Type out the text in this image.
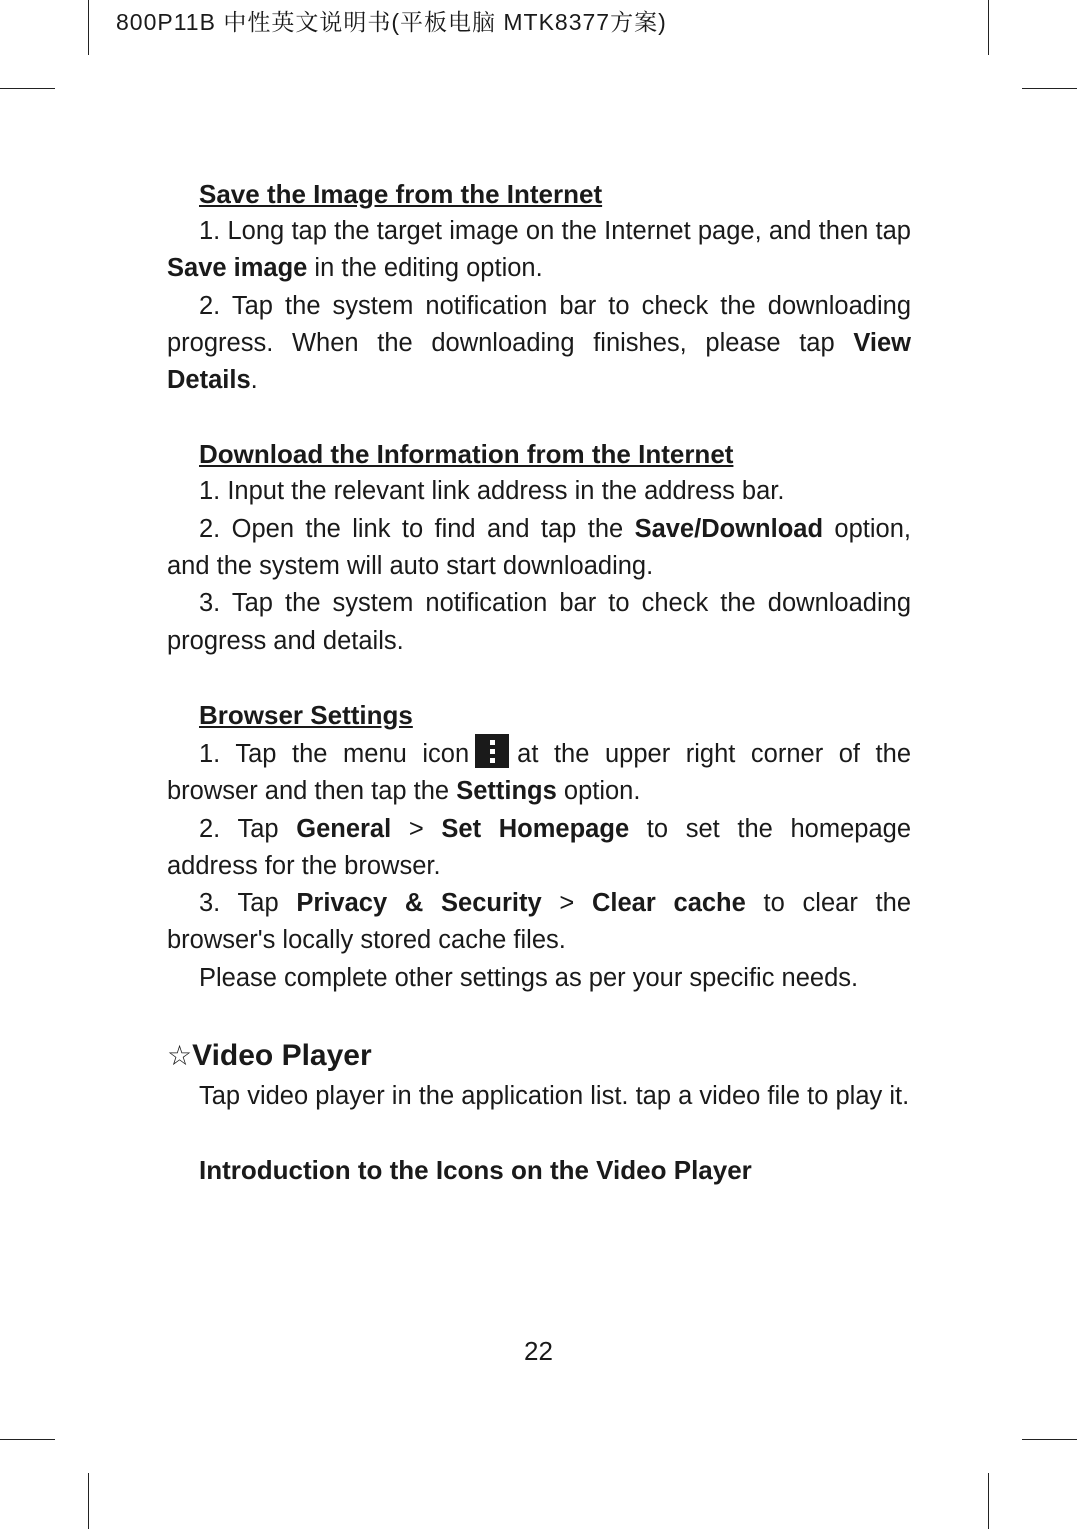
800P11B 中性英文说明书(平板电脑 MTK8377方案)
Save the Image from the Internet

1. Long tap the target image on the Internet page, and then tap Save image in the editing option.

2. Tap the system notification bar to check the downloading progress. When the downloading finishes, please tap View Details.

Download the Information from the Internet

1. Input the relevant link address in the address bar.

2. Open the link to find and tap the Save/Download option, and the system will auto start downloading.

3. Tap the system notification bar to check the downloading progress and details.

Browser Settings

1. Tap the menu icon at the upper right corner of the browser and then tap the Settings option.

2. Tap General > Set Homepage to set the homepage address for the browser.

3. Tap Privacy & Security > Clear cache to clear the browser's locally stored cache files.

Please complete other settings as per your specific needs.

☆Video Player

Tap video player in the application list. tap a video file to play it.

Introduction to the Icons on the Video Player
22
